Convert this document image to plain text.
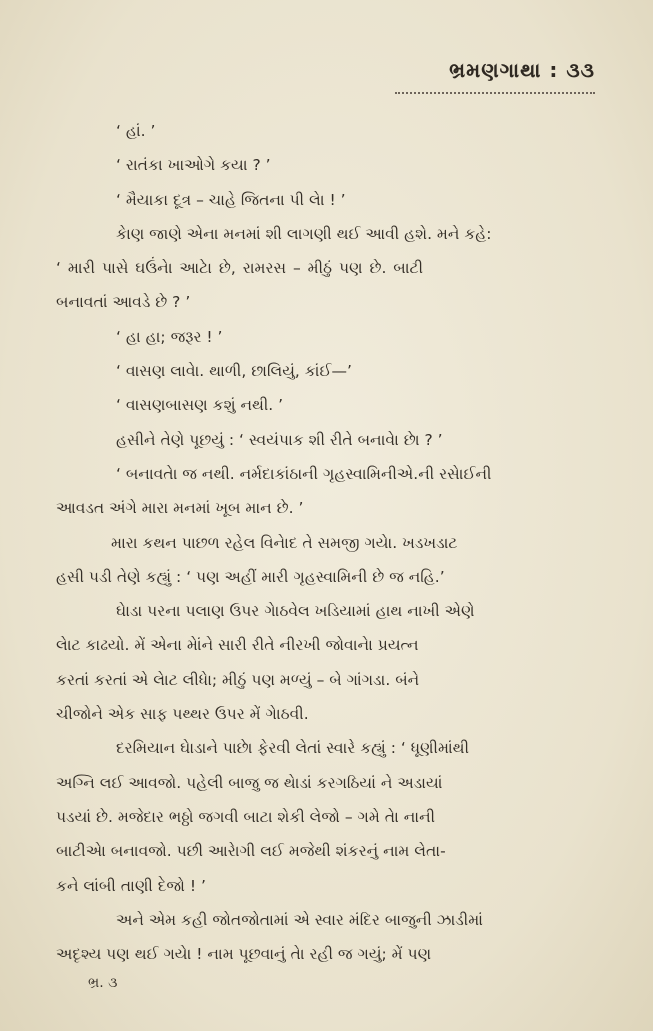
ભ્રમણગાથા : ૩૩

‘ હાં. ’

‘ રાતંકા ખાઓગે કયા ? ’

‘ મૈયાકા દૂત્ર – ચાહે જિતના પી લેા ! ’

કેાણ જાણે એના મનમાં શી લાગણી થઈ આવી હશે. મને કહે:

‘ મારી પાસે ઘઉંનેા આટેા છે, રામરસ – મીઠું પણ છે. બાટી

બનાવતાં આવડે છે ? ’

‘ હા હા; જરૂર ! ’

‘ વાસણ લાવેા. થાળી, છાલિયું, કાંઈ—’

‘ વાસણબાસણ કશું નથી. ’

હસીને તેણે પૂછયું : ‘ સ્વયંપાક શી રીતે બનાવેા છેા ? ’

‘ બનાવતેા જ નથી. નર્મદાકાંઠાની ગૃહસ્વામિનીએ.ની રસેાઈની

આવડત અંગે મારા મનમાં ખૂબ માન છે. ’

મારા કથન પાછળ રહેલ વિનેાદ તે સમજી ગયેા. ખડખડાટ

હસી પડી તેણે કહ્યું : ‘ પણ અહીં મારી ગૃહસ્વામિની છે જ નહિ.’

ઘેાડા પરના પલાણ ઉપર ગેાઠવેલ ખડિયામાં હાથ નાખી એણે

લેાટ કાઢયો. મેં એના મેાંને સારી રીતે નીરખી જોવાનેા પ્રયત્ન

કરતાં કરતાં એ લેાટ લીધેા; મીઠું પણ મળ્યું – બે ગાંગડા. બંને

ચીજોને એક સાફ પથ્થર ઉપર મેં ગેાઠવી.

દરમિયાન ઘેાડાને પાછેા ફેરવી લેતાં સ્વારે કહ્યું : ‘ ધૂણીમાંથી

અગ્નિ લઈ આવજો. પહેલી બાજુ જ થેાડાં કરગઠિયાં ને અડાયાં

પડયાં છે. મજેદાર ભઠ્ઠો જગવી બાટા શેકી લેજો – ગમે તેા નાની

બાટીએા બનાવજો. પછી આરેાગી લઈ મજેથી શંકરનું નામ લેતા-

કને લાંબી તાણી દેજો ! ’

અને એમ કહી જોતજોતામાં એ સ્વાર મંદિર બાજુની ઝાડીમાં

અદૃશ્ય પણ થઈ ગયેા ! નામ પૂછવાનું તેા રહી જ ગયું; મેં પણ

ભ્ર. ૩
